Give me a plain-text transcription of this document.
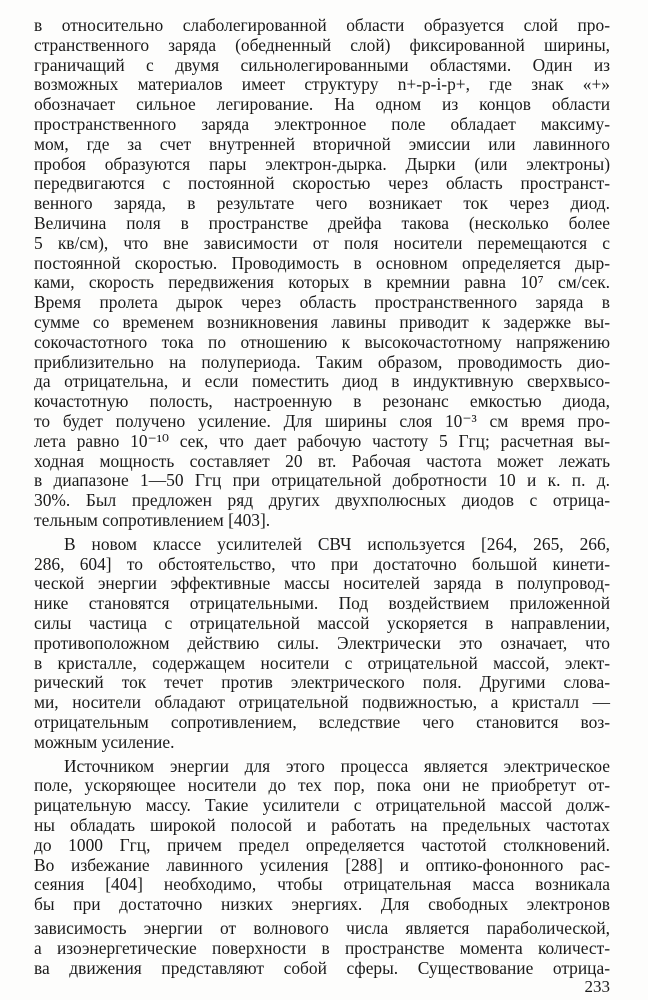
в относительно слаболегированной области образуется слой про-
странственного заряда (обедненный слой) фиксированной ширины,
граничащий с двумя сильнолегированными областями. Один из
возможных материалов имеет структуру n+-p-i-p+, где знак «+»
обозначает сильное легирование. На одном из концов области
пространственного заряда электронное поле обладает максиму-
мом, где за счет внутренней вторичной эмиссии или лавинного
пробоя образуются пары электрон-дырка. Дырки (или электроны)
передвигаются с постоянной скоростью через область пространст-
венного заряда, в результате чего возникает ток через диод.
Величина поля в пространстве дрейфа такова (несколько более
5 кв/см), что вне зависимости от поля носители перемещаются с
постоянной скоростью. Проводимость в основном определяется дыр-
ками, скорость передвижения которых в кремнии равна 10⁷ см/сек.
Время пролета дырок через область пространственного заряда в
сумме со временем возникновения лавины приводит к задержке вы-
сокочастотного тока по отношению к высокочастотному напряжению
приблизительно на полупериода. Таким образом, проводимость дио-
да отрицательна, и если поместить диод в индуктивную сверхвысо-
кочастотную полость, настроенную в резонанс емкостью диода,
то будет получено усиление. Для ширины слоя 10⁻³ см время про-
лета равно 10⁻¹⁰ сек, что дает рабочую частоту 5 Ггц; расчетная вы-
ходная мощность составляет 20 вт. Рабочая частота может лежать
в диапазоне 1—50 Ггц при отрицательной добротности 10 и к. п. д.
30%. Был предложен ряд других двухполюсных диодов с отрица-
тельным сопротивлением [403].
В новом классе усилителей СВЧ используется [264, 265, 266,
286, 604] то обстоятельство, что при достаточно большой кинети-
ческой энергии эффективные массы носителей заряда в полупровод-
нике становятся отрицательными. Под воздействием приложенной
силы частица с отрицательной массой ускоряется в направлении,
противоположном действию силы. Электрически это означает, что
в кристалле, содержащем носители с отрицательной массой, элект-
рический ток течет против электрического поля. Другими слова-
ми, носители обладают отрицательной подвижностью, а кристалл —
отрицательным сопротивлением, вследствие чего становится воз-
можным усиление.
Источником энергии для этого процесса является электрическое
поле, ускоряющее носители до тех пор, пока они не приобретут от-
рицательную массу. Такие усилители с отрицательной массой долж-
ны обладать широкой полосой и работать на предельных частотах
до 1000 Ггц, причем предел определяется частотой столкновений.
Во избежание лавинного усиления [288] и оптико-фононного рас-
сеяния [404] необходимо, чтобы отрицательная масса возникала
бы при достаточно низких энергиях. Для свободных электронов
зависимость энергии от волнового числа является параболической,
а изоэнергетические поверхности в пространстве момента количест-
ва движения представляют собой сферы. Существование отрица-
233
